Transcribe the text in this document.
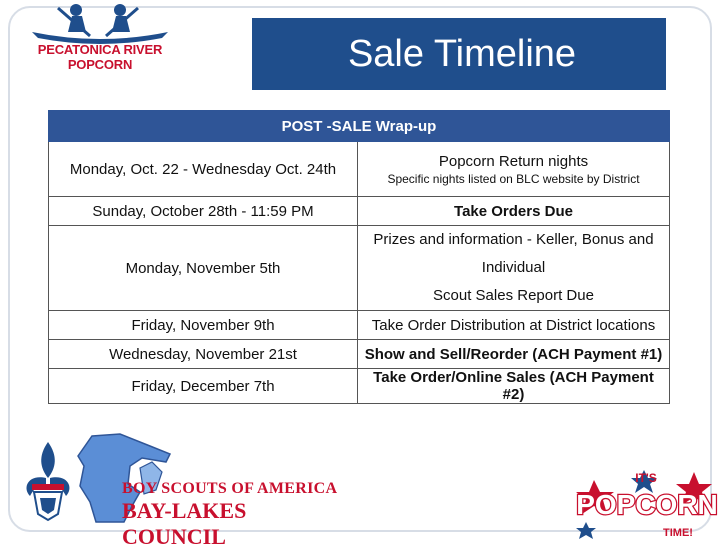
PECATONICA RIVER POPCORN	Sale Timeline
POST -SALE Wrap-up	
Monday, Oct. 22 - Wednesday Oct. 24th	Popcorn Return nights
Specific nights listed on BLC website by District

Sunday, October 28th - 11:59 PM	Take Orders Due
Monday, November 5th	Prizes and information - Keller, Bonus and Individual
Scout Sales Report Due

Friday, November 9th	Take Order Distribution at District locations
Wednesday, November 21st	Show and Sell/Reorder (ACH Payment #1)
Friday, December 7th	Take Order/Online Sales (ACH Payment #2)
BOY SCOUTS OF AMERICA
BAY-LAKES COUNCIL
IT'S
POPCORN
TIME!
